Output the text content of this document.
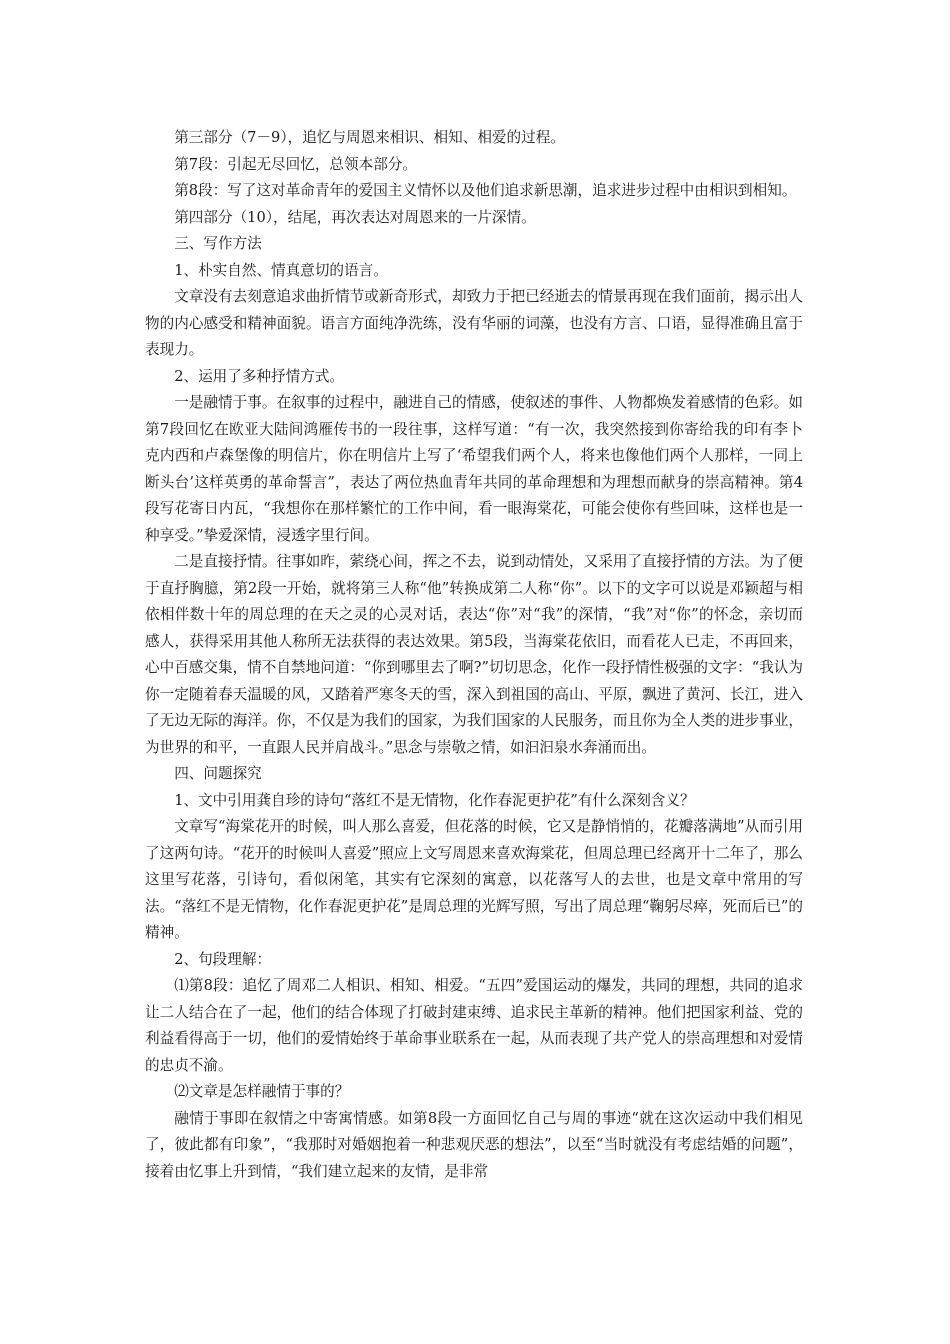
第三部分（7－9），追忆与周恩来相识、相知、相爱的过程。

第7段：引起无尽回忆，总领本部分。

第8段：写了这对革命青年的爱国主义情怀以及他们追求新思潮，追求进步过程中由相识到相知。

第四部分（10），结尾，再次表达对周恩来的一片深情。

三、写作方法

1、朴实自然、情真意切的语言。

文章没有去刻意追求曲折情节或新奇形式，却致力于把已经逝去的情景再现在我们面前，揭示出人物的内心感受和精神面貌。语言方面纯净洗练，没有华丽的词藻，也没有方言、口语，显得准确且富于表现力。

2、运用了多种抒情方式。

一是融情于事。在叙事的过程中，融进自己的情感，使叙述的事件、人物都焕发着感情的色彩。如第7段回忆在欧亚大陆间鸿雁传书的一段往事，这样写道：“有一次，我突然接到你寄给我的印有李卜克内西和卢森堡像的明信片，你在明信片上写了‘希望我们两个人，将来也像他们两个人那样，一同上断头台’这样英勇的革命誓言”，表达了两位热血青年共同的革命理想和为理想而献身的崇高精神。第4段写花寄日内瓦，“我想你在那样繁忙的工作中间，看一眼海棠花，可能会使你有些回味，这样也是一种享受。”挚爱深情，浸透字里行间。

二是直接抒情。往事如昨，萦绕心间，挥之不去，说到动情处，又采用了直接抒情的方法。为了便于直抒胸臆，第2段一开始，就将第三人称“他”转换成第二人称“你”。以下的文字可以说是邓颖超与相依相伴数十年的周总理的在天之灵的心灵对话，表达“你”对“我”的深情，“我”对“你”的怀念，亲切而感人，获得采用其他人称所无法获得的表达效果。第5段，当海棠花依旧，而看花人已走，不再回来，心中百感交集，情不自禁地问道：“你到哪里去了啊?”切切思念，化作一段抒情性极强的文字：“我认为你一定随着春天温暖的风，又踏着严寒冬天的雪，深入到祖国的高山、平原，飘进了黄河、长江，进入了无边无际的海洋。你，不仅是为我们的国家，为我们国家的人民服务，而且你为全人类的进步事业，为世界的和平，一直跟人民并肩战斗。”思念与崇敬之情，如汩汩泉水奔涌而出。

四、问题探究

1、文中引用龚自珍的诗句“落红不是无情物，化作春泥更护花”有什么深刻含义？

文章写“海棠花开的时候，叫人那么喜爱，但花落的时候，它又是静悄悄的，花瓣落满地”从而引用了这两句诗。“花开的时候叫人喜爱”照应上文写周恩来喜欢海棠花，但周总理已经离开十二年了，那么这里写花落，引诗句，看似闲笔，其实有它深刻的寓意，以花落写人的去世，也是文章中常用的写法。“落红不是无情物，化作春泥更护花”是周总理的光辉写照，写出了周总理“鞠躬尽瘁，死而后已”的精神。

2、句段理解：

⑴第8段：追忆了周邓二人相识、相知、相爱。“五四”爱国运动的爆发，共同的理想，共同的追求让二人结合在了一起，他们的结合体现了打破封建束缚、追求民主革新的精神。他们把国家利益、党的利益看得高于一切，他们的爱情始终于革命事业联系在一起，从而表现了共产党人的崇高理想和对爱情的忠贞不渝。

⑵文章是怎样融情于事的？

融情于事即在叙情之中寄寓情感。如第8段一方面回忆自己与周的事迹“就在这次运动中我们相见了，彼此都有印象”，“我那时对婚姻抱着一种悲观厌恶的想法”，以至“当时就没有考虑结婚的问题”，接着由忆事上升到情，“我们建立起来的友情，是非常
